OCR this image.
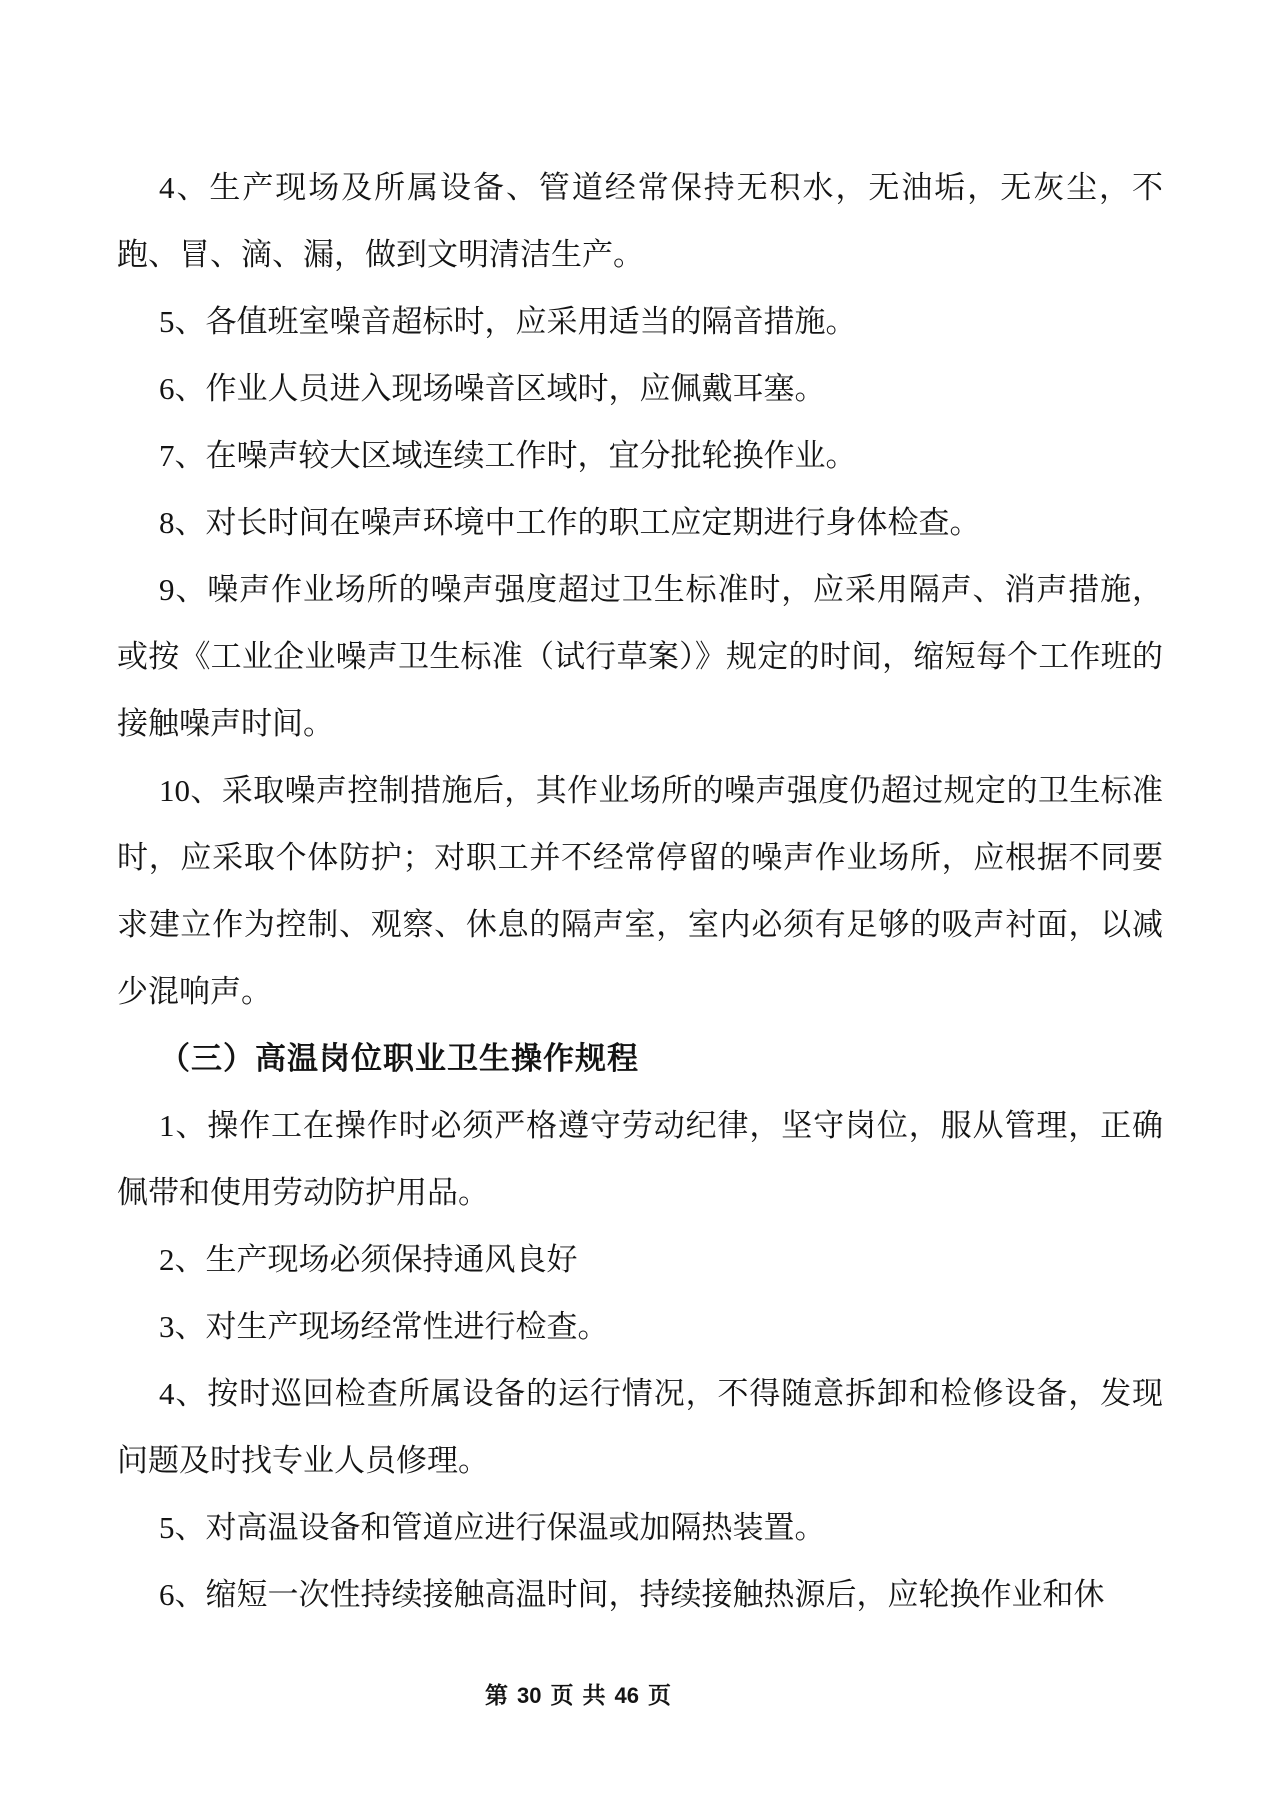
4、生产现场及所属设备、管道经常保持无积水，无油垢，无灰尘，不跑、冒、滴、漏，做到文明清洁生产。

5、各值班室噪音超标时，应采用适当的隔音措施。

6、作业人员进入现场噪音区域时，应佩戴耳塞。

7、在噪声较大区域连续工作时，宜分批轮换作业。

8、对长时间在噪声环境中工作的职工应定期进行身体检查。

9、噪声作业场所的噪声强度超过卫生标准时，应采用隔声、消声措施，或按《工业企业噪声卫生标准（试行草案）》规定的时间，缩短每个工作班的接触噪声时间。

10、采取噪声控制措施后，其作业场所的噪声强度仍超过规定的卫生标准时，应采取个体防护；对职工并不经常停留的噪声作业场所，应根据不同要求建立作为控制、观察、休息的隔声室，室内必须有足够的吸声衬面，以减少混响声。

（三）高温岗位职业卫生操作规程

1、操作工在操作时必须严格遵守劳动纪律，坚守岗位，服从管理，正确佩带和使用劳动防护用品。

2、生产现场必须保持通风良好

3、对生产现场经常性进行检查。

4、按时巡回检查所属设备的运行情况，不得随意拆卸和检修设备，发现问题及时找专业人员修理。

5、对高温设备和管道应进行保温或加隔热装置。

6、缩短一次性持续接触高温时间，持续接触热源后，应轮换作业和休

第 30 页 共 46 页
